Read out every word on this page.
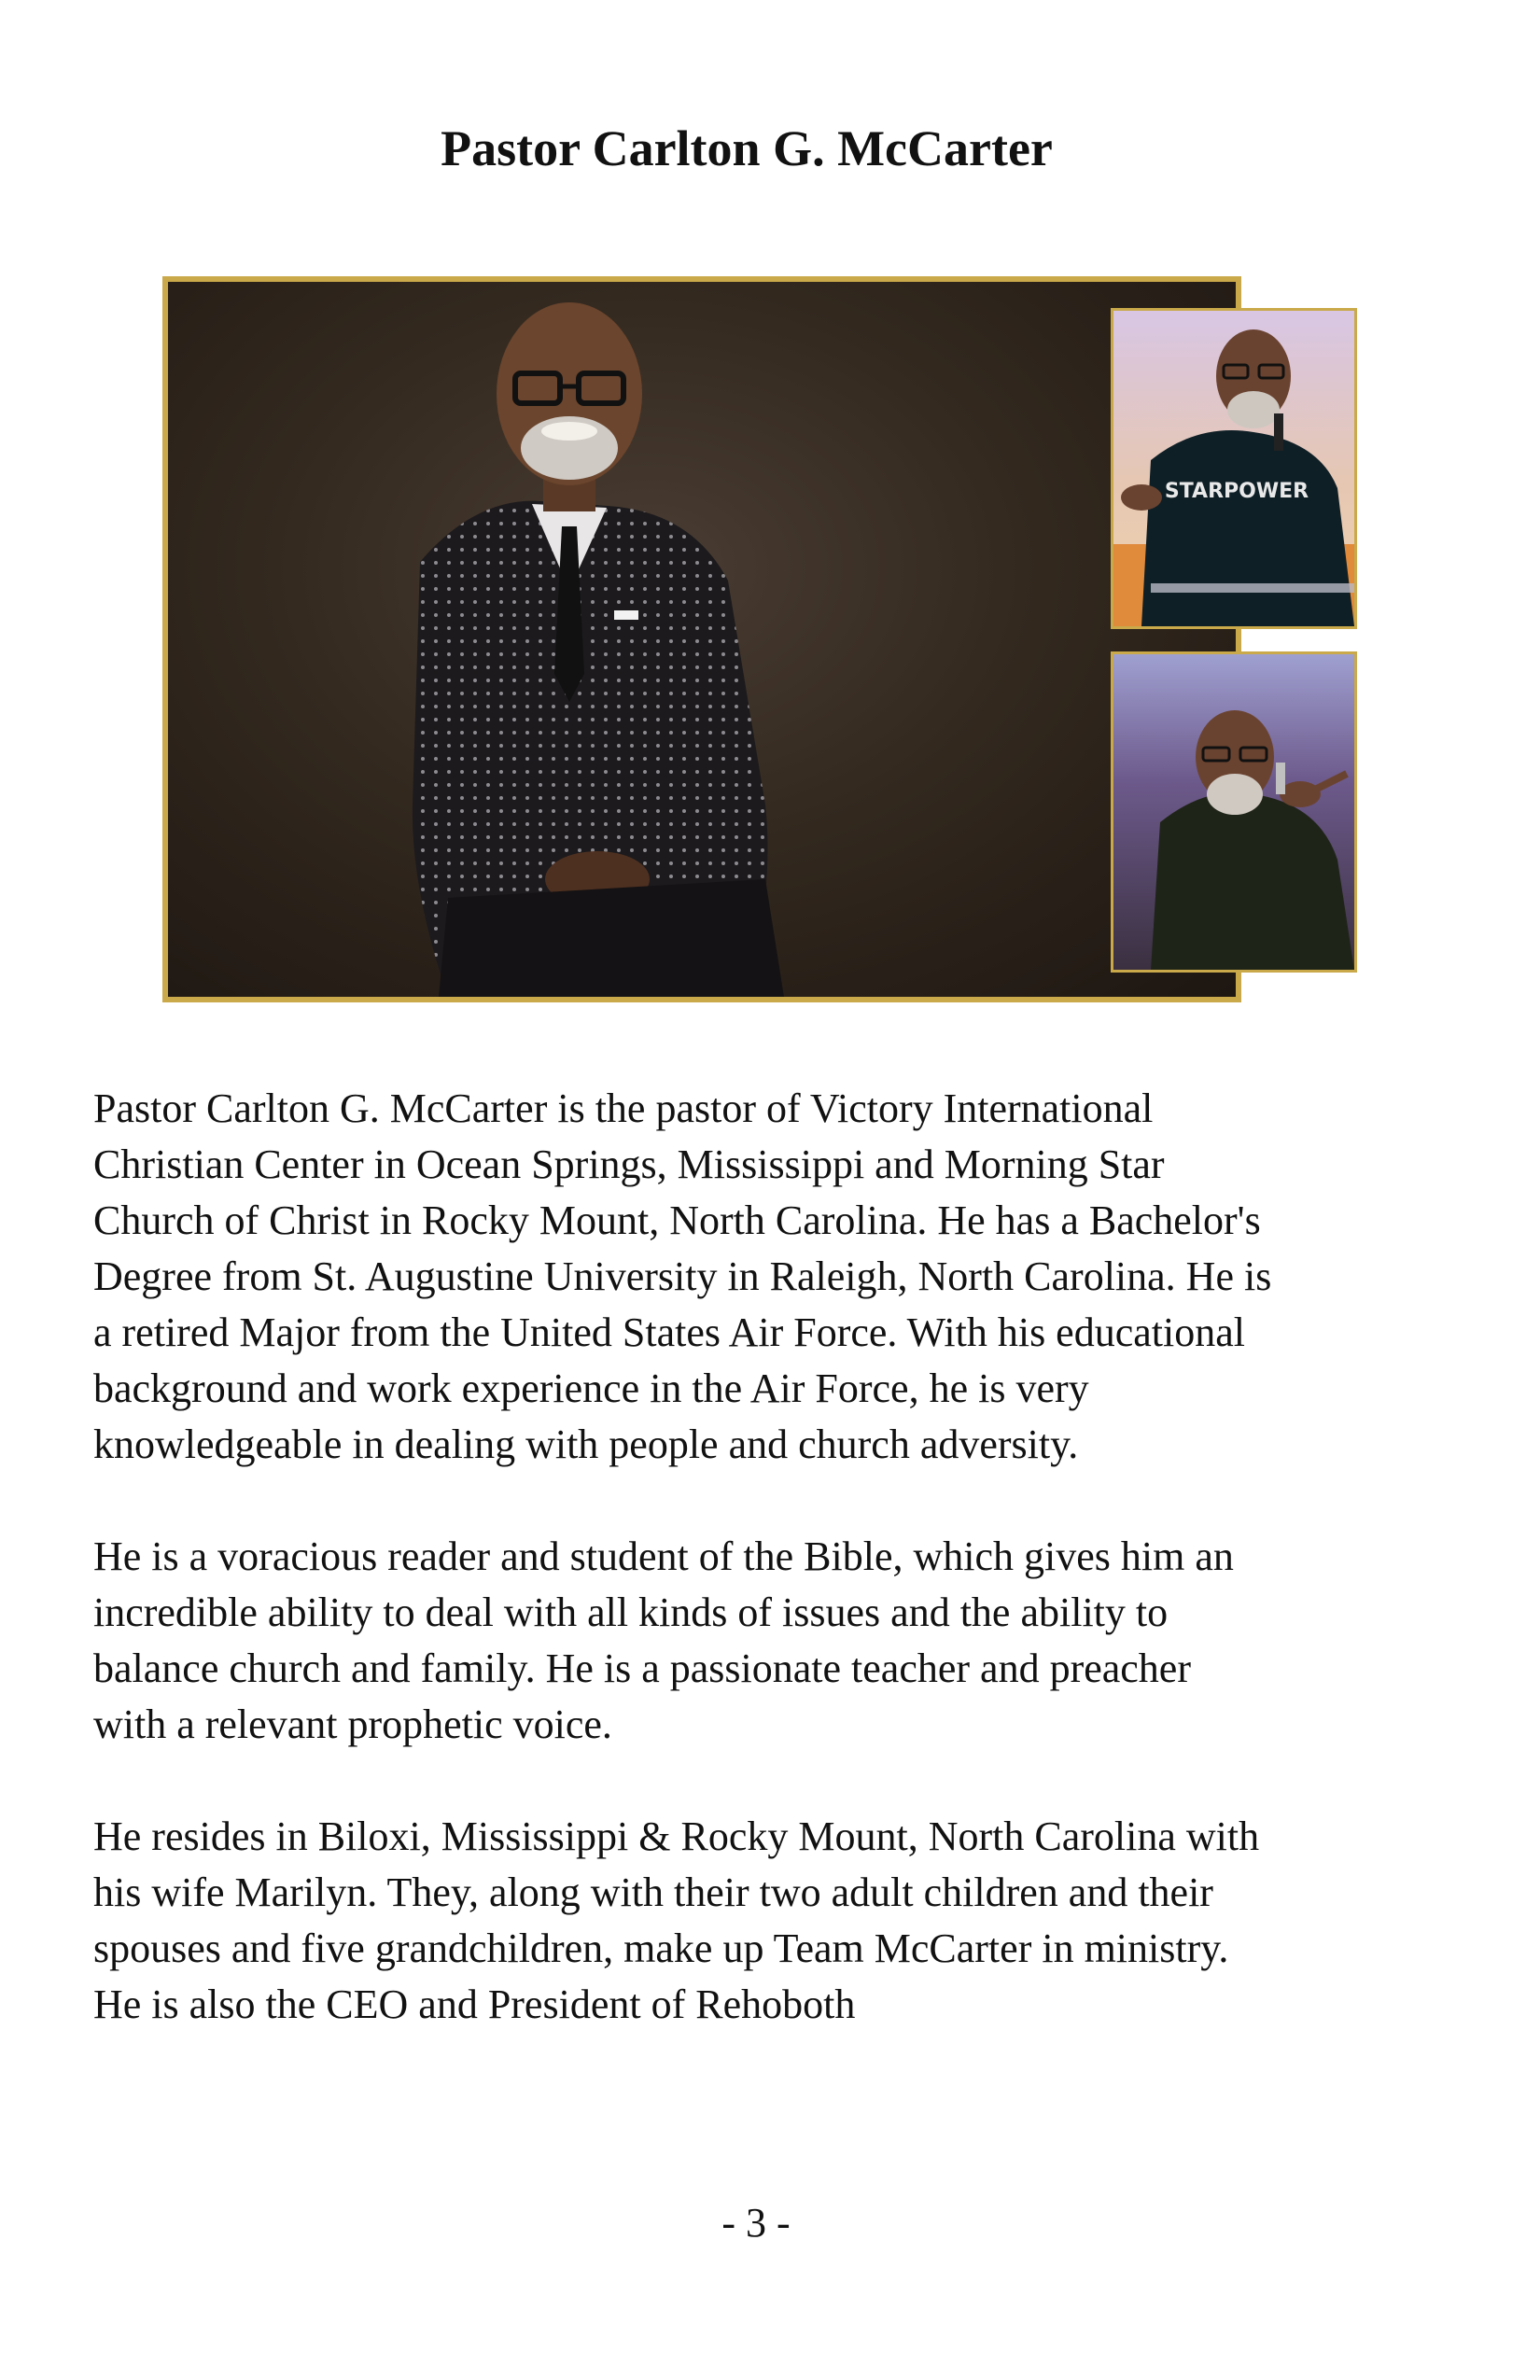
Pastor Carlton G. McCarter
STARPOWER

Pastor Carlton G. McCarter is the pastor of Victory International
Christian Center in Ocean Springs, Mississippi and Morning Star
Church of Christ in Rocky Mount, North Carolina. He has a Bachelor's
Degree from St. Augustine University in Raleigh, North Carolina. He is
a retired Major from the United States Air Force. With his educational
background and work experience in the Air Force, he is very
knowledgeable in dealing with people and church adversity.

He is a voracious reader and student of the Bible, which gives him an
incredible ability to deal with all kinds of issues and the ability to
balance church and family. He is a passionate teacher and preacher
with a relevant prophetic voice.

He resides in Biloxi, Mississippi & Rocky Mount, North Carolina with
his wife Marilyn. They, along with their two adult children and their
spouses and five grandchildren, make up Team McCarter in ministry.
He is also the CEO and President of Rehoboth

- 3 -
